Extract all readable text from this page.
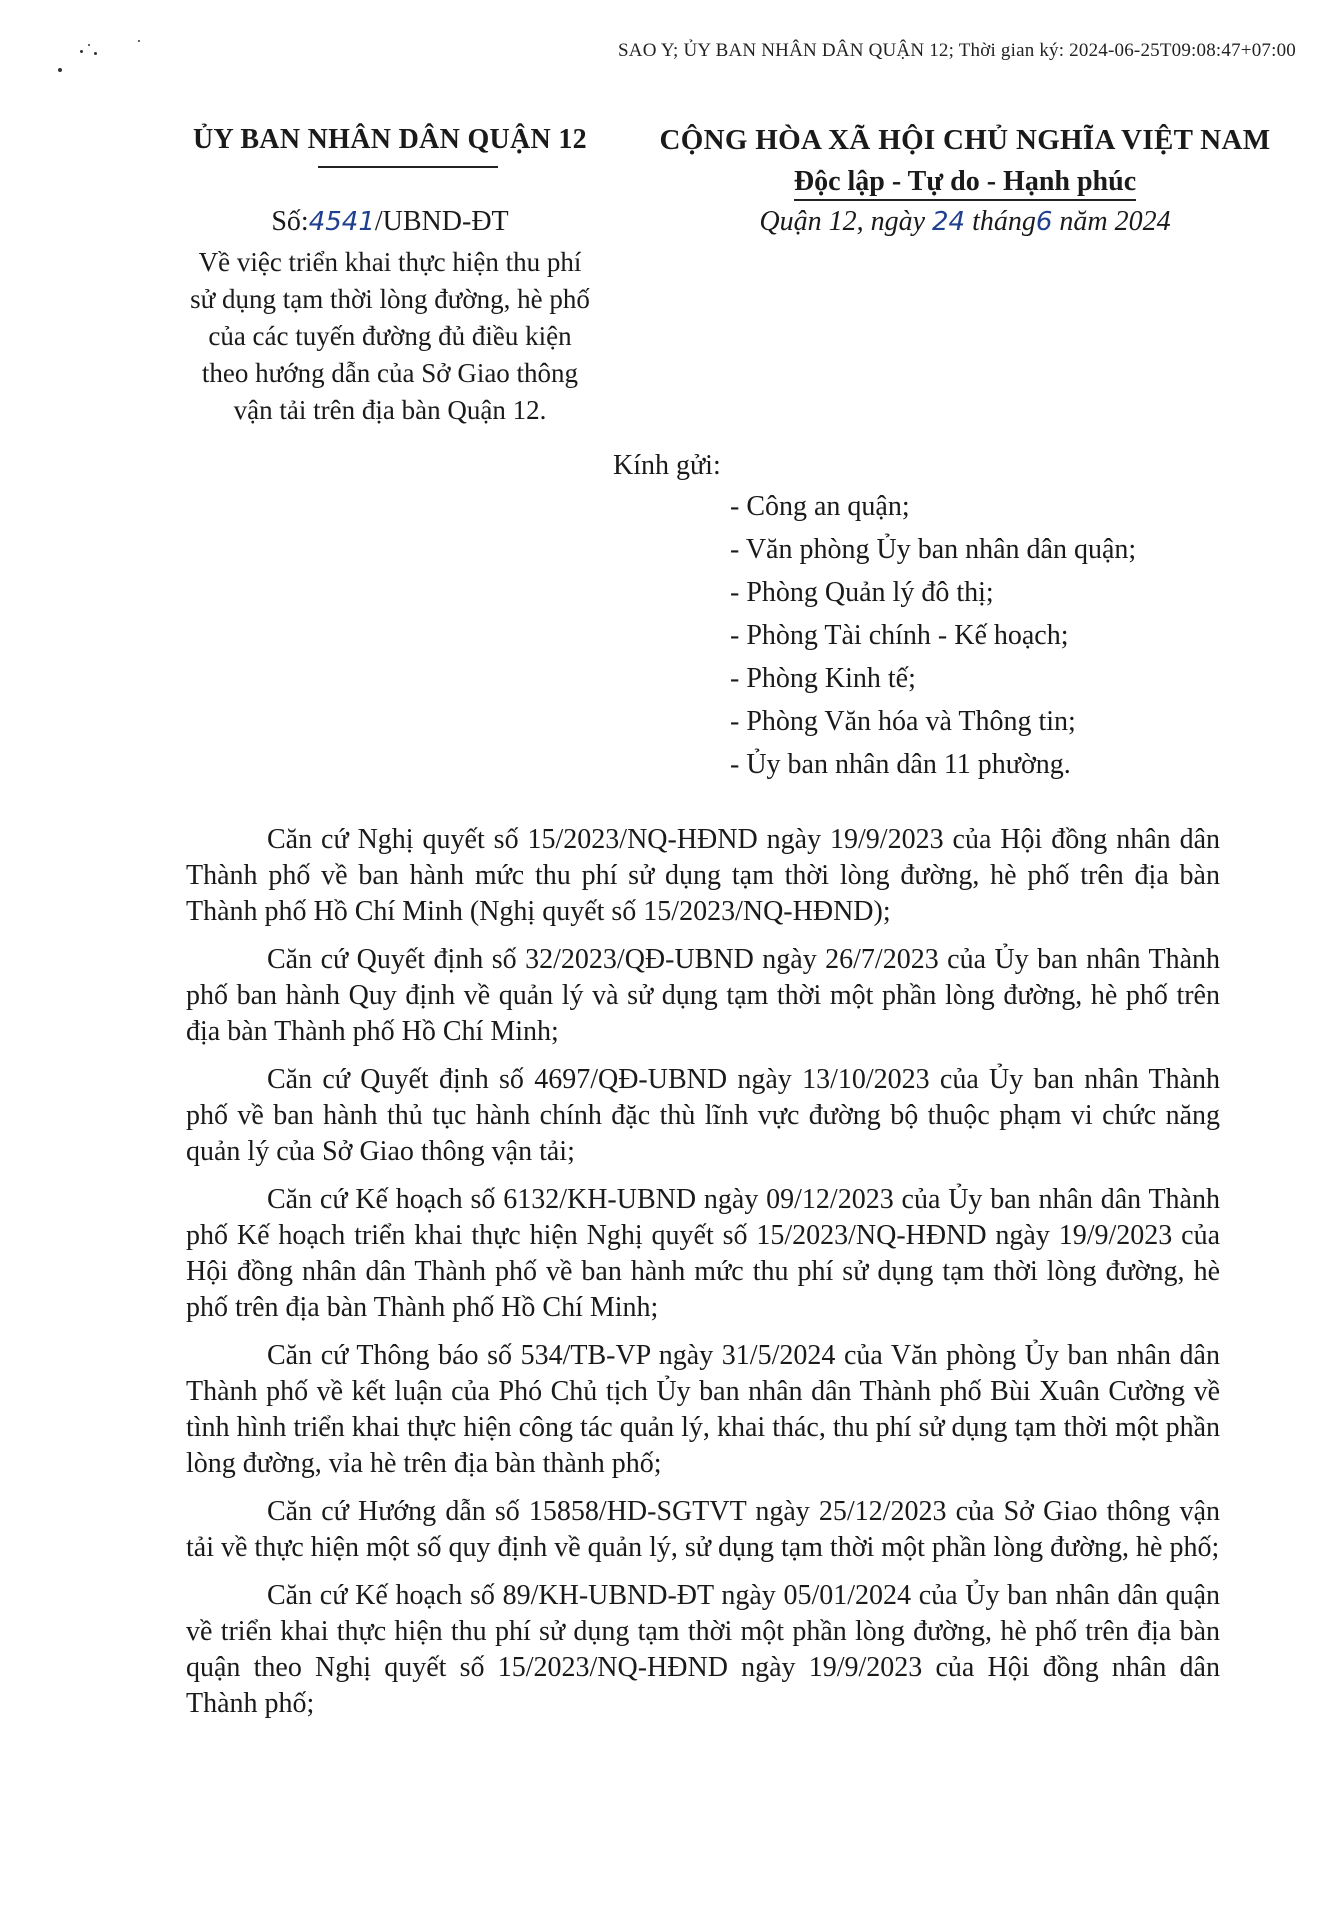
SAO Y; ỦY BAN NHÂN DÂN QUẬN 12; Thời gian ký: 2024-06-25T09:08:47+07:00
ỦY BAN NHÂN DÂN QUẬN 12	CỘNG HÒA XÃ HỘI CHỦ NGHĨA VIỆT NAM
Độc lập - Tự do - Hạnh phúc
Số:4541/UBND-ĐT	Quận 12, ngày 24 tháng6 năm 2024
Về việc triển khai thực hiện thu phí
sử dụng tạm thời lòng đường, hè phố
của các tuyến đường đủ điều kiện
theo hướng dẫn của Sở Giao thông
vận tải trên địa bàn Quận 12.
Kính gửi:
- Công an quận;
- Văn phòng Ủy ban nhân dân quận;
- Phòng Quản lý đô thị;
- Phòng Tài chính - Kế hoạch;
- Phòng Kinh tế;
- Phòng Văn hóa và Thông tin;
- Ủy ban nhân dân 11 phường.

Căn cứ Nghị quyết số 15/2023/NQ-HĐND ngày 19/9/2023 của Hội đồng nhân dân Thành phố về ban hành mức thu phí sử dụng tạm thời lòng đường, hè phố trên địa bàn Thành phố Hồ Chí Minh (Nghị quyết số 15/2023/NQ-HĐND);

Căn cứ Quyết định số 32/2023/QĐ-UBND ngày 26/7/2023 của Ủy ban nhân Thành phố ban hành Quy định về quản lý và sử dụng tạm thời một phần lòng đường, hè phố trên địa bàn Thành phố Hồ Chí Minh;

Căn cứ Quyết định số 4697/QĐ-UBND ngày 13/10/2023 của Ủy ban nhân Thành phố về ban hành thủ tục hành chính đặc thù lĩnh vực đường bộ thuộc phạm vi chức năng quản lý của Sở Giao thông vận tải;

Căn cứ Kế hoạch số 6132/KH-UBND ngày 09/12/2023 của Ủy ban nhân dân Thành phố Kế hoạch triển khai thực hiện Nghị quyết số 15/2023/NQ-HĐND ngày 19/9/2023 của Hội đồng nhân dân Thành phố về ban hành mức thu phí sử dụng tạm thời lòng đường, hè phố trên địa bàn Thành phố Hồ Chí Minh;

Căn cứ Thông báo số 534/TB-VP ngày 31/5/2024 của Văn phòng Ủy ban nhân dân Thành phố về kết luận của Phó Chủ tịch Ủy ban nhân dân Thành phố Bùi Xuân Cường về tình hình triển khai thực hiện công tác quản lý, khai thác, thu phí sử dụng tạm thời một phần lòng đường, vỉa hè trên địa bàn thành phố;

Căn cứ Hướng dẫn số 15858/HD-SGTVT ngày 25/12/2023 của Sở Giao thông vận tải về thực hiện một số quy định về quản lý, sử dụng tạm thời một phần lòng đường, hè phố;

Căn cứ Kế hoạch số 89/KH-UBND-ĐT ngày 05/01/2024 của Ủy ban nhân dân quận về triển khai thực hiện thu phí sử dụng tạm thời một phần lòng đường, hè phố trên địa bàn quận theo Nghị quyết số 15/2023/NQ-HĐND ngày 19/9/2023 của Hội đồng nhân dân Thành phố;
